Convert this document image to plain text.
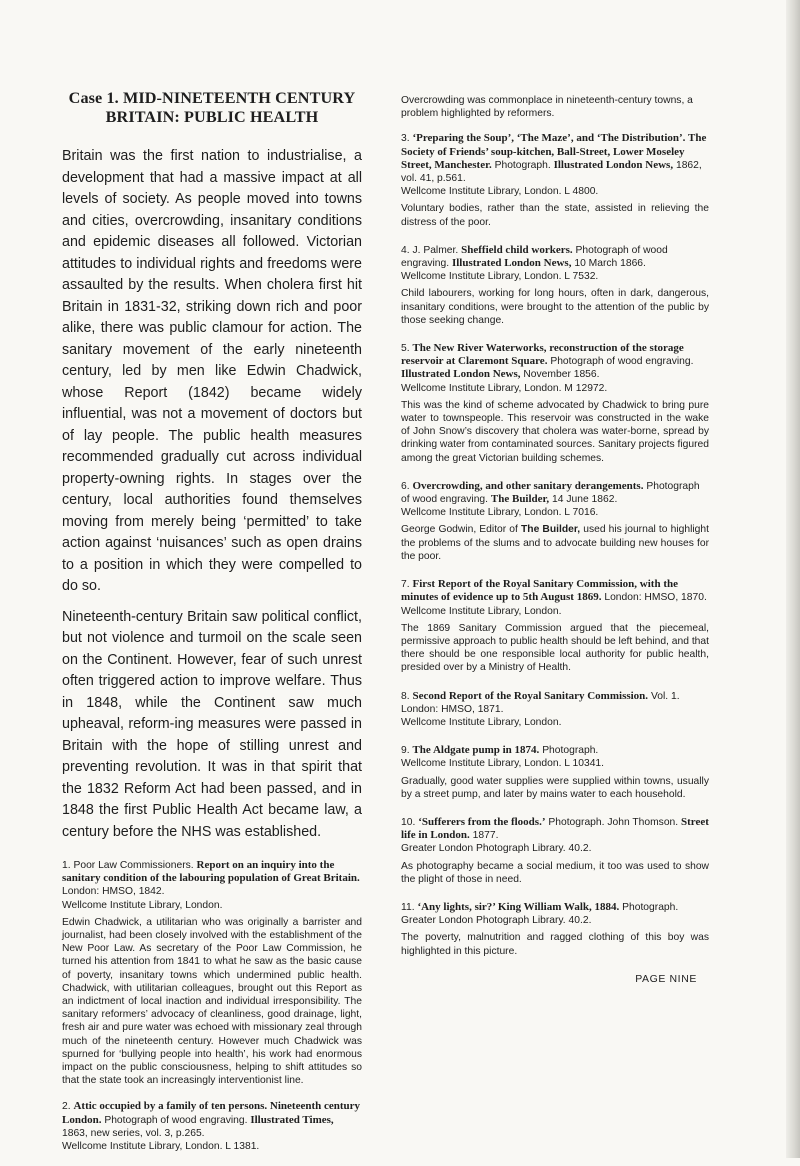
Case 1. MID-NINETEENTH CENTURY
BRITAIN: PUBLIC HEALTH

Britain was the first nation to industrialise, a development that had a massive impact at all levels of society. As people moved into towns and cities, overcrowding, insanitary conditions and epidemic diseases all followed. Victorian attitudes to individual rights and freedoms were assaulted by the results. When cholera first hit Britain in 1831-32, striking down rich and poor alike, there was public clamour for action. The sanitary movement of the early nineteenth century, led by men like Edwin Chadwick, whose Report (1842) became widely influential, was not a movement of doctors but of lay people. The public health measures recommended gradually cut across individual property-owning rights. In stages over the century, local authorities found themselves moving from merely being ‘permitted’ to take action against ‘nuisances’ such as open drains to a position in which they were compelled to do so.

Nineteenth-century Britain saw political conflict, but not violence and turmoil on the scale seen on the Continent. However, fear of such unrest often triggered action to improve welfare. Thus in 1848, while the Continent saw much upheaval, reform-ing measures were passed in Britain with the hope of stilling unrest and preventing revolution. It was in that spirit that the 1832 Reform Act had been passed, and in 1848 the first Public Health Act became law, a century before the NHS was established.

1. Poor Law Commissioners. Report on an inquiry into the sanitary condition of the labouring population of Great Britain. London: HMSO, 1842.
Wellcome Institute Library, London.
Edwin Chadwick, a utilitarian who was originally a barrister and journalist, had been closely involved with the establishment of the New Poor Law. As secretary of the Poor Law Commission, he turned his attention from 1841 to what he saw as the basic cause of poverty, insanitary towns which undermined public health. Chadwick, with utilitarian colleagues, brought out this Report as an indictment of local inaction and individual irresponsibility. The sanitary reformers’ advocacy of cleanliness, good drainage, light, fresh air and pure water was echoed with missionary zeal through much of the nineteenth century. However much Chadwick was spurned for ‘bullying people into health’, his work had enormous impact on the public consciousness, helping to shift attitudes so that the state took an increasingly interventionist line.
2. Attic occupied by a family of ten persons. Nineteenth century London. Photograph of wood engraving. Illustrated Times, 1863, new series, vol. 3, p.265.
Wellcome Institute Library, London. L 1381.

Overcrowding was commonplace in nineteenth-century towns, a problem highlighted by reformers.

3. ‘Preparing the Soup’, ‘The Maze’, and ‘The Distribution’. The Society of Friends’ soup-kitchen, Ball-Street, Lower Moseley Street, Manchester. Photograph. Illustrated London News, 1862, vol. 41, p.561.
Wellcome Institute Library, London. L 4800.
Voluntary bodies, rather than the state, assisted in relieving the distress of the poor.
4. J. Palmer. Sheffield child workers. Photograph of wood engraving. Illustrated London News, 10 March 1866.
Wellcome Institute Library, London. L 7532.
Child labourers, working for long hours, often in dark, dangerous, insanitary conditions, were brought to the attention of the public by those seeking change.
5. The New River Waterworks, reconstruction of the storage reservoir at Claremont Square. Photograph of wood engraving. Illustrated London News, November 1856.
Wellcome Institute Library, London. M 12972.
This was the kind of scheme advocated by Chadwick to bring pure water to townspeople. This reservoir was constructed in the wake of John Snow’s discovery that cholera was water-borne, spread by drinking water from contaminated sources. Sanitary projects figured among the great Victorian building schemes.
6. Overcrowding, and other sanitary derangements. Photograph of wood engraving. The Builder, 14 June 1862.
Wellcome Institute Library, London. L 7016.
George Godwin, Editor of The Builder, used his journal to highlight the problems of the slums and to advocate building new houses for the poor.
7. First Report of the Royal Sanitary Commission, with the minutes of evidence up to 5th August 1869. London: HMSO, 1870.
Wellcome Institute Library, London.
The 1869 Sanitary Commission argued that the piecemeal, permissive approach to public health should be left behind, and that there should be one responsible local authority for public health, presided over by a Ministry of Health.
8. Second Report of the Royal Sanitary Commission. Vol. 1. London: HMSO, 1871.
Wellcome Institute Library, London.
9. The Aldgate pump in 1874. Photograph.
Wellcome Institute Library, London. L 10341.
Gradually, good water supplies were supplied within towns, usually by a street pump, and later by mains water to each household.
10. ‘Sufferers from the floods.’ Photograph. John Thomson. Street life in London. 1877.
Greater London Photograph Library. 40.2.
As photography became a social medium, it too was used to show the plight of those in need.
11. ‘Any lights, sir?’ King William Walk, 1884. Photograph. Greater London Photograph Library. 40.2.
The poverty, malnutrition and ragged clothing of this boy was highlighted in this picture.
PAGE NINE
